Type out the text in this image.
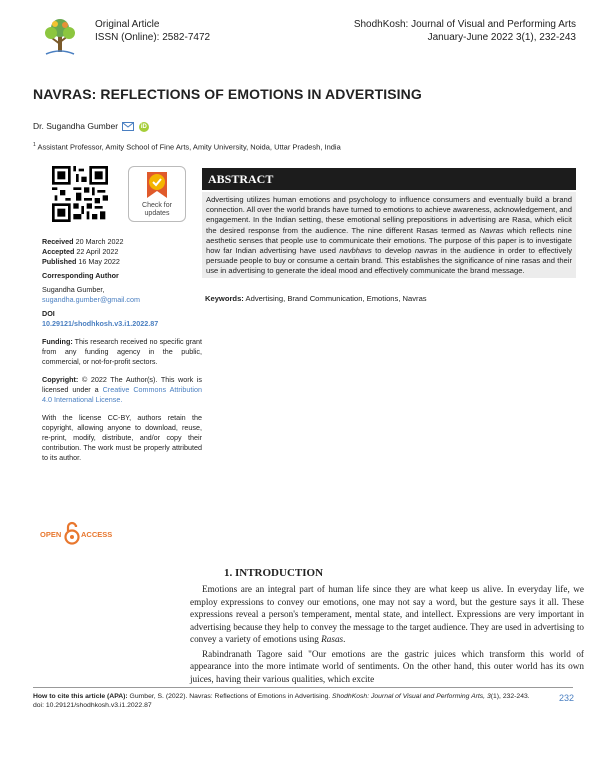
Original Article
ISSN (Online): 2582-7472
ShodhKosh: Journal of Visual and Performing Arts
January-June 2022 3(1), 232-243
NAVRAS: REFLECTIONS OF EMOTIONS IN ADVERTISING
Dr. Sugandha Gumber	iD
$^1$ Assistant Professor, Amity School of Fine Arts, Amity University, Noida, Uttar Pradesh, India
Check for
updates

Received 20 March 2022

Accepted 22 April 2022

Published 16 May 2022

Corresponding Author

Sugandha Gumber,

sugandha.gumber@gmail.com

DOI

10.29121/shodhkosh.v3.i1.2022.87

Funding: This research received no specific grant from any funding agency in the public, commercial, or not-for-profit sectors.

Copyright: © 2022 The Author(s). This work is licensed under a Creative Commons Attribution 4.0 International License.

With the license CC-BY, authors retain the copyright, allowing anyone to download, reuse, re-print, modify, distribute, and/or copy their contribution. The work must be properly attributed to its author.

OPEN	ACCESS
ABSTRACT
Advertising utilizes human emotions and psychology to influence consumers and eventually build a brand connection. All over the world brands have turned to emotions to achieve awareness, acknowledgement, and engagement. In the Indian setting, these emotional selling prepositions in advertising are Rasa, which elicit the desired response from the audience. The nine different Rasas termed as Navras which reflects nine aesthetic senses that people use to communicate their emotions. The purpose of this paper is to investigate how far Indian advertising have used navbhavs to develop navras in the audience in order to effectively persuade people to buy or consume a certain brand. This establishes the significance of nine rasas and their use in advertising to generate the ideal mood and effectively communicate the brand message.
Keywords: Advertising, Brand Communication, Emotions, Navras
1. INTRODUCTION

Emotions are an integral part of human life since they are what keep us alive. In everyday life, we employ expressions to convey our emotions, one may not say a word, but the gesture says it all. These expressions reveal a person's temperament, mental state, and intellect. Expressions are very important in advertising because they help to convey the message to the target audience. They are used in advertising to convey a variety of emotions using Rasas.

Rabindranath Tagore said "Our emotions are the gastric juices which transform this world of appearance into the more intimate world of sentiments. On the other hand, this outer world has its own juices, having their various qualities, which excite

How to cite this article (APA): Gumber, S. (2022). Navras: Reflections of Emotions in Advertising. ShodhKosh: Journal of Visual and Performing Arts, 3(1), 232-243. doi: 10.29121/shodhkosh.v3.i1.2022.87
232
